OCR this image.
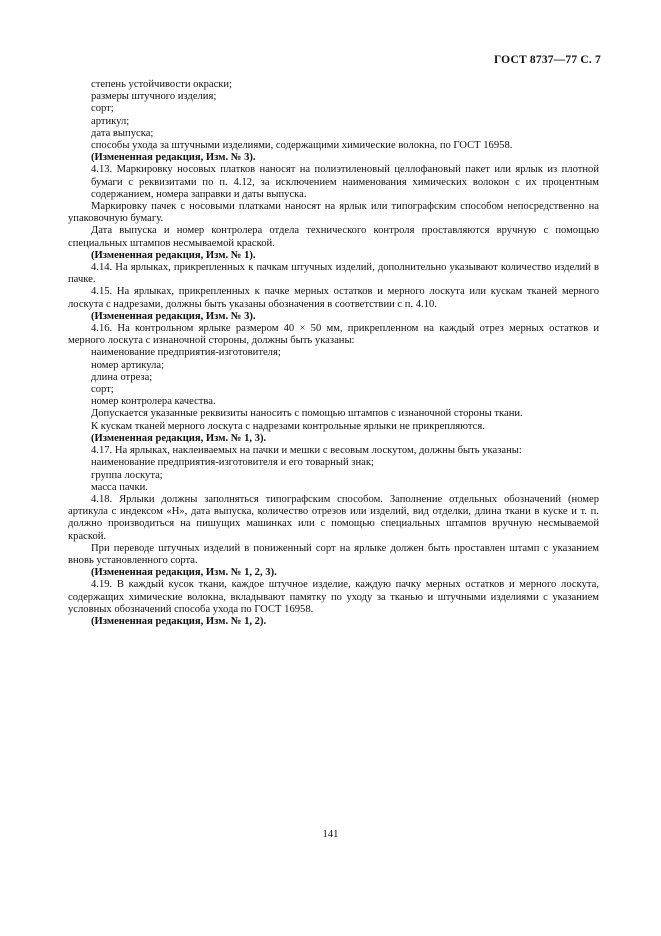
ГОСТ 8737—77 С. 7

степень устойчивости окраски;

размеры штучного изделия;

сорт;

артикул;

дата выпуска;

способы ухода за штучными изделиями, содержащими химические волокна, по ГОСТ 16958.

(Измененная редакция, Изм. № 3).

4.13. Маркировку носовых платков наносят на полиэтиленовый целлофановый пакет или ярлык из плотной бумаги с реквизитами по п. 4.12, за исключением наименования химических волокон с их процентным содержанием, номера заправки и даты выпуска.

Маркировку пачек с носовыми платками наносят на ярлык или типографским способом непосредственно на упаковочную бумагу.

Дата выпуска и номер контролера отдела технического контроля проставляются вручную с помощью специальных штампов несмываемой краской.

(Измененная редакция, Изм. № 1).

4.14. На ярлыках, прикрепленных к пачкам штучных изделий, дополнительно указывают количество изделий в пачке.

4.15. На ярлыках, прикрепленных к пачке мерных остатков и мерного лоскута или кускам тканей мерного лоскута с надрезами, должны быть указаны обозначения в соответствии с п. 4.10.

(Измененная редакция, Изм. № 3).

4.16. На контрольном ярлыке размером 40 × 50 мм, прикрепленном на каждый отрез мерных остатков и мерного лоскута с изнаночной стороны, должны быть указаны:

наименование предприятия-изготовителя;

номер артикула;

длина отреза;

сорт;

номер контролера качества.

Допускается указанные реквизиты наносить с помощью штампов с изнаночной стороны ткани.

К кускам тканей мерного лоскута с надрезами контрольные ярлыки не прикрепляются.

(Измененная редакция, Изм. № 1, 3).

4.17. На ярлыках, наклеиваемых на пачки и мешки с весовым лоскутом, должны быть указаны:

наименование предприятия-изготовителя и его товарный знак;

группа лоскута;

масса пачки.

4.18. Ярлыки должны заполняться типографским способом. Заполнение отдельных обозначений (номер артикула с индексом «Н», дата выпуска, количество отрезов или изделий, вид отделки, длина ткани в куске и т. п. должно производиться на пишущих машинках или с помощью специальных штампов вручную несмываемой краской.

При переводе штучных изделий в пониженный сорт на ярлыке должен быть проставлен штамп с указанием вновь установленного сорта.

(Измененная редакция, Изм. № 1, 2, 3).

4.19. В каждый кусок ткани, каждое штучное изделие, каждую пачку мерных остатков и мерного лоскута, содержащих химические волокна, вкладывают памятку по уходу за тканью и штучными изделиями с указанием условных обозначений способа ухода по ГОСТ 16958.

(Измененная редакция, Изм. № 1, 2).

141
